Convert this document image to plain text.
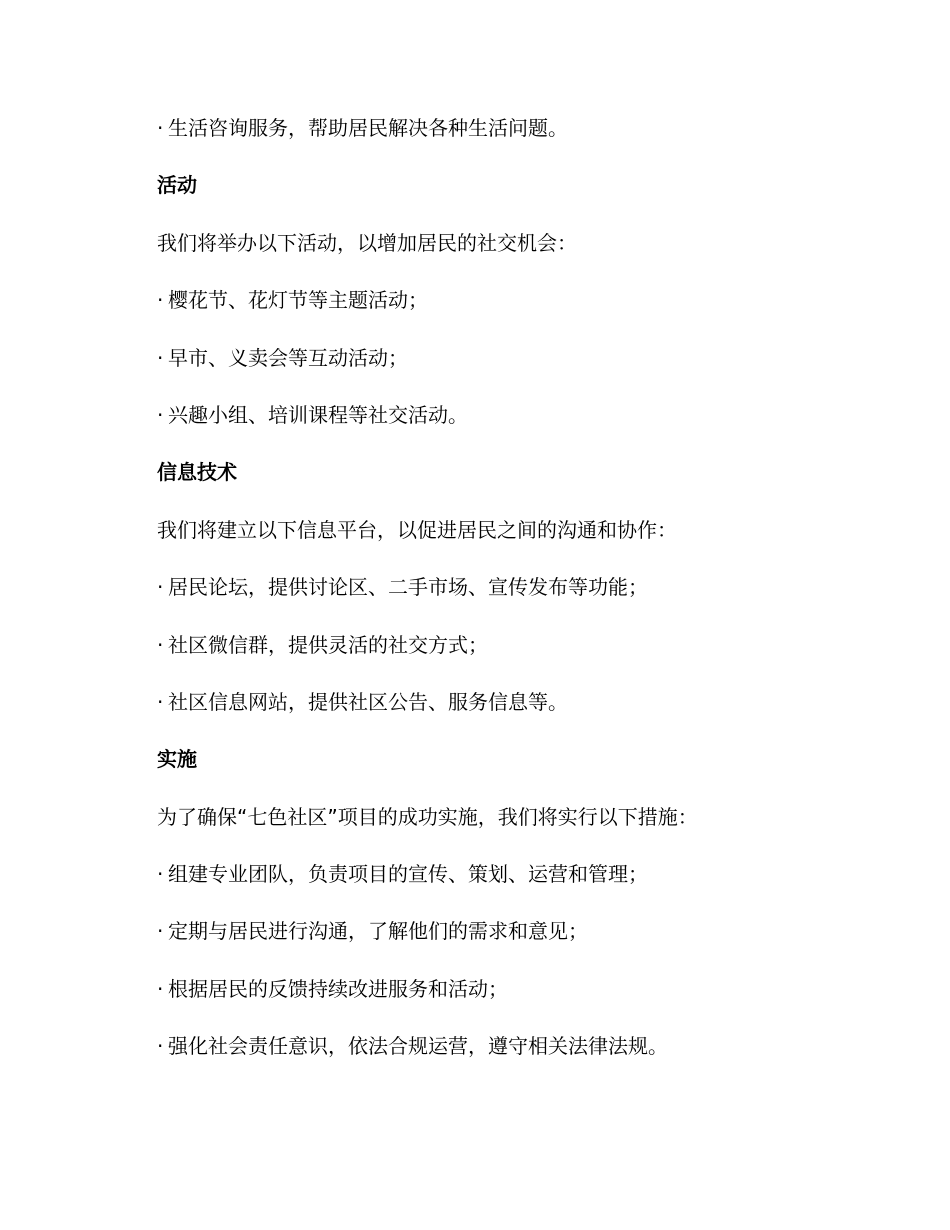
· 生活咨询服务，帮助居民解决各种生活问题。
活动
我们将举办以下活动，以增加居民的社交机会：
· 樱花节、花灯节等主题活动；
· 早市、义卖会等互动活动；
· 兴趣小组、培训课程等社交活动。
信息技术
我们将建立以下信息平台，以促进居民之间的沟通和协作：
· 居民论坛，提供讨论区、二手市场、宣传发布等功能；
· 社区微信群，提供灵活的社交方式；
· 社区信息网站，提供社区公告、服务信息等。
实施
为了确保“七色社区”项目的成功实施，我们将实行以下措施：
· 组建专业团队，负责项目的宣传、策划、运营和管理；
· 定期与居民进行沟通，了解他们的需求和意见；
· 根据居民的反馈持续改进服务和活动；
· 强化社会责任意识，依法合规运营，遵守相关法律法规。
